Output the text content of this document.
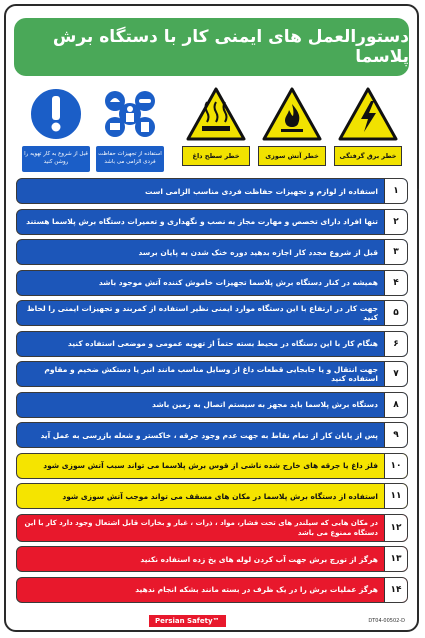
دستورالعمل های ایمنی کار با دستگاه برش پلاسما
قبل از شروع به کار تهویه را روشن کنید
استفاده از تجهیزات حفاظت فردی الزامی می باشد
خطر سطح داغ	خطر آتش سوزی	خطر برق گرفتگی
استفاده از لوازم و تجهیزات حفاظت فردی مناسب الزامی است	۱
تنها افراد دارای تخصص و مهارت مجاز به نصب و نگهداری و تعمیرات دستگاه برش پلاسما هستند	۲
قبل از شروع مجدد کار اجازه بدهید دوره خنک شدن به پایان برسد	۳
همیشه در کنار دستگاه برش پلاسما تجهیزات خاموش کننده آتش موجود باشد	۴
جهت کار در ارتفاع با این دستگاه موارد ایمنی نظیر استفاده از کمربند و تجهیزات ایمنی را لحاظ کنید	۵
هنگام کار با این دستگاه در محیط بسته حتماً از تهویه عمومی و موضعی استفاده کنید	۶
جهت انتقال و یا جابجایی قطعات داغ از وسایل مناسب مانند انبر یا دستکش ضخیم و مقاوم استفاده کنید	۷
دستگاه برش پلاسما باید مجهز به سیستم اتصال به زمین باشد	۸
پس از پایان کار از تمام نقاط به جهت عدم وجود جرقه ، خاکستر و شعله بازرسی به عمل آید	۹
فلز داغ یا جرقه های خارج شده ناشی از قوس برش پلاسما می تواند سبب آتش سوزی شود	۱۰
استفاده از دستگاه برش پلاسما در مکان های مسقف می تواند موجب آتش سوزی شود	۱۱
در مکان هایی که سیلندر های تحت فشار، مواد ، ذرات ، غبار و بخارات قابل اشتعال وجود دارد کار با این دستگاه ممنوع می باشد	۱۲
هرگز از تورچ برش جهت آب کردن لوله های یخ زده استفاده نکنید	۱۳
هرگز عملیات برش را در یک ظرف در بسته مانند بشکه انجام ندهید	۱۴
Persian Safety™	DT04-00502-D
